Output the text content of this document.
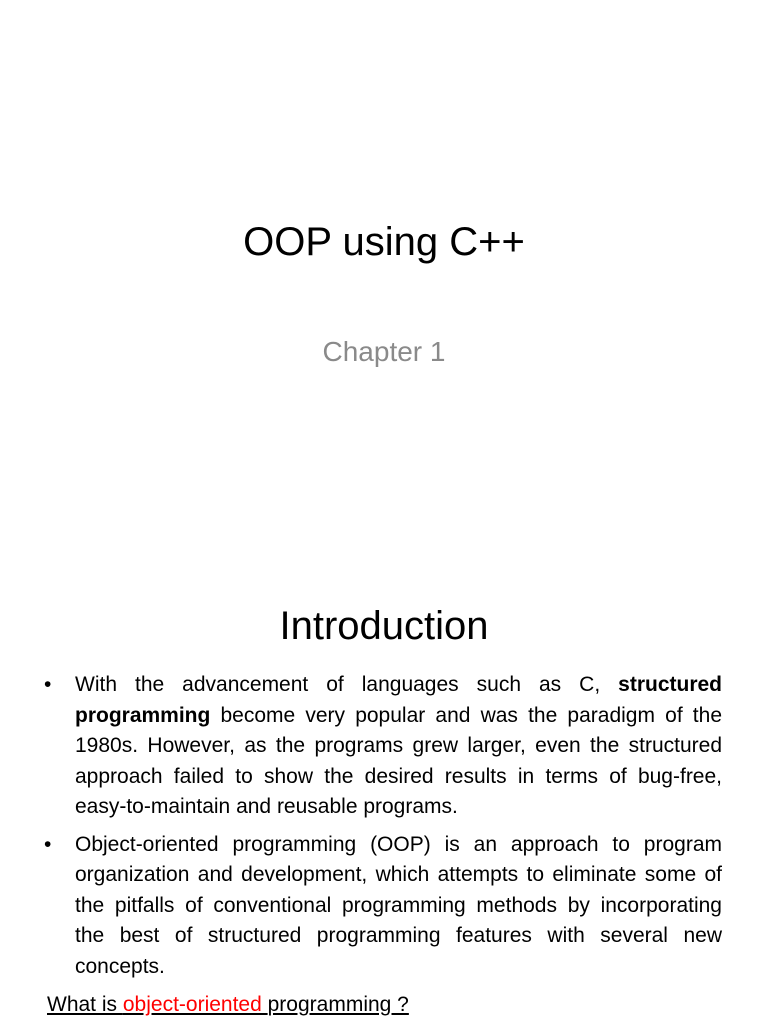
OOP using C++
Chapter 1
Introduction
• With the advancement of languages such as C, structured programming become very popular and was the paradigm of the 1980s. However, as the programs grew larger, even the structured approach failed to show the desired results in terms of bug-free, easy-to-maintain and reusable programs.
• Object-oriented programming (OOP) is an approach to program organization and development, which attempts to eliminate some of the pitfalls of conventional programming methods by incorporating the best of structured programming features with several new concepts.
What is object-oriented programming ?
